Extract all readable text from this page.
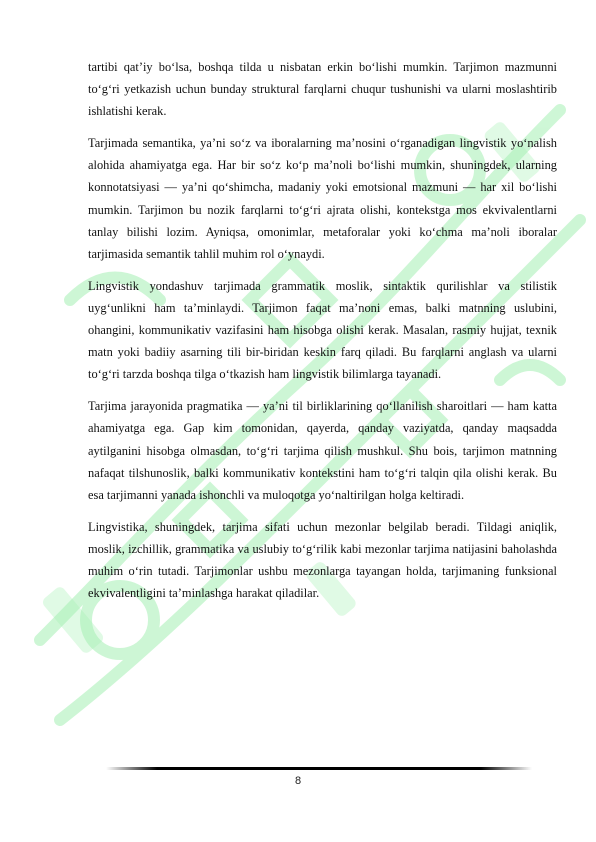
tartibi qat’iy bo‘lsa, boshqa tilda u nisbatan erkin bo‘lishi mumkin. Tarjimon mazmunni to‘g‘ri yetkazish uchun bunday struktural farqlarni chuqur tushunishi va ularni moslashtirib ishlatishi kerak.

Tarjimada semantika, ya’ni so‘z va iboralarning ma’nosini o‘rganadigan lingvistik yo‘nalish alohida ahamiyatga ega. Har bir so‘z ko‘p ma’noli bo‘lishi mumkin, shuningdek, ularning konnotatsiyasi — ya’ni qo‘shimcha, madaniy yoki emotsional mazmuni — har xil bo‘lishi mumkin. Tarjimon bu nozik farqlarni to‘g‘ri ajrata olishi, kontekstga mos ekvivalentlarni tanlay bilishi lozim. Ayniqsa, omonimlar, metaforalar yoki ko‘chma ma’noli iboralar tarjimasida semantik tahlil muhim rol o‘ynaydi.

Lingvistik yondashuv tarjimada grammatik moslik, sintaktik qurilishlar va stilistik uyg‘unlikni ham ta’minlaydi. Tarjimon faqat ma’noni emas, balki matnning uslubini, ohangini, kommunikativ vazifasini ham hisobga olishi kerak. Masalan, rasmiy hujjat, texnik matn yoki badiiy asarning tili bir-biridan keskin farq qiladi. Bu farqlarni anglash va ularni to‘g‘ri tarzda boshqa tilga o‘tkazish ham lingvistik bilimlarga tayanadi.

Tarjima jarayonida pragmatika — ya’ni til birliklarining qo‘llanilish sharoitlari — ham katta ahamiyatga ega. Gap kim tomonidan, qayerda, qanday vaziyatda, qanday maqsadda aytilganini hisobga olmasdan, to‘g‘ri tarjima qilish mushkul. Shu bois, tarjimon matnning nafaqat tilshunoslik, balki kommunikativ kontekstini ham to‘g‘ri talqin qila olishi kerak. Bu esa tarjimanni yanada ishonchli va muloqotga yo‘naltirilgan holga keltiradi.

Lingvistika, shuningdek, tarjima sifati uchun mezonlar belgilab beradi. Tildagi aniqlik, moslik, izchillik, grammatika va uslubiy to‘g‘rilik kabi mezonlar tarjima natijasini baholashda muhim o‘rin tutadi. Tarjimonlar ushbu mezonlarga tayangan holda, tarjimaning funksional ekvivalentligini ta’minlashga harakat qiladilar.

8
